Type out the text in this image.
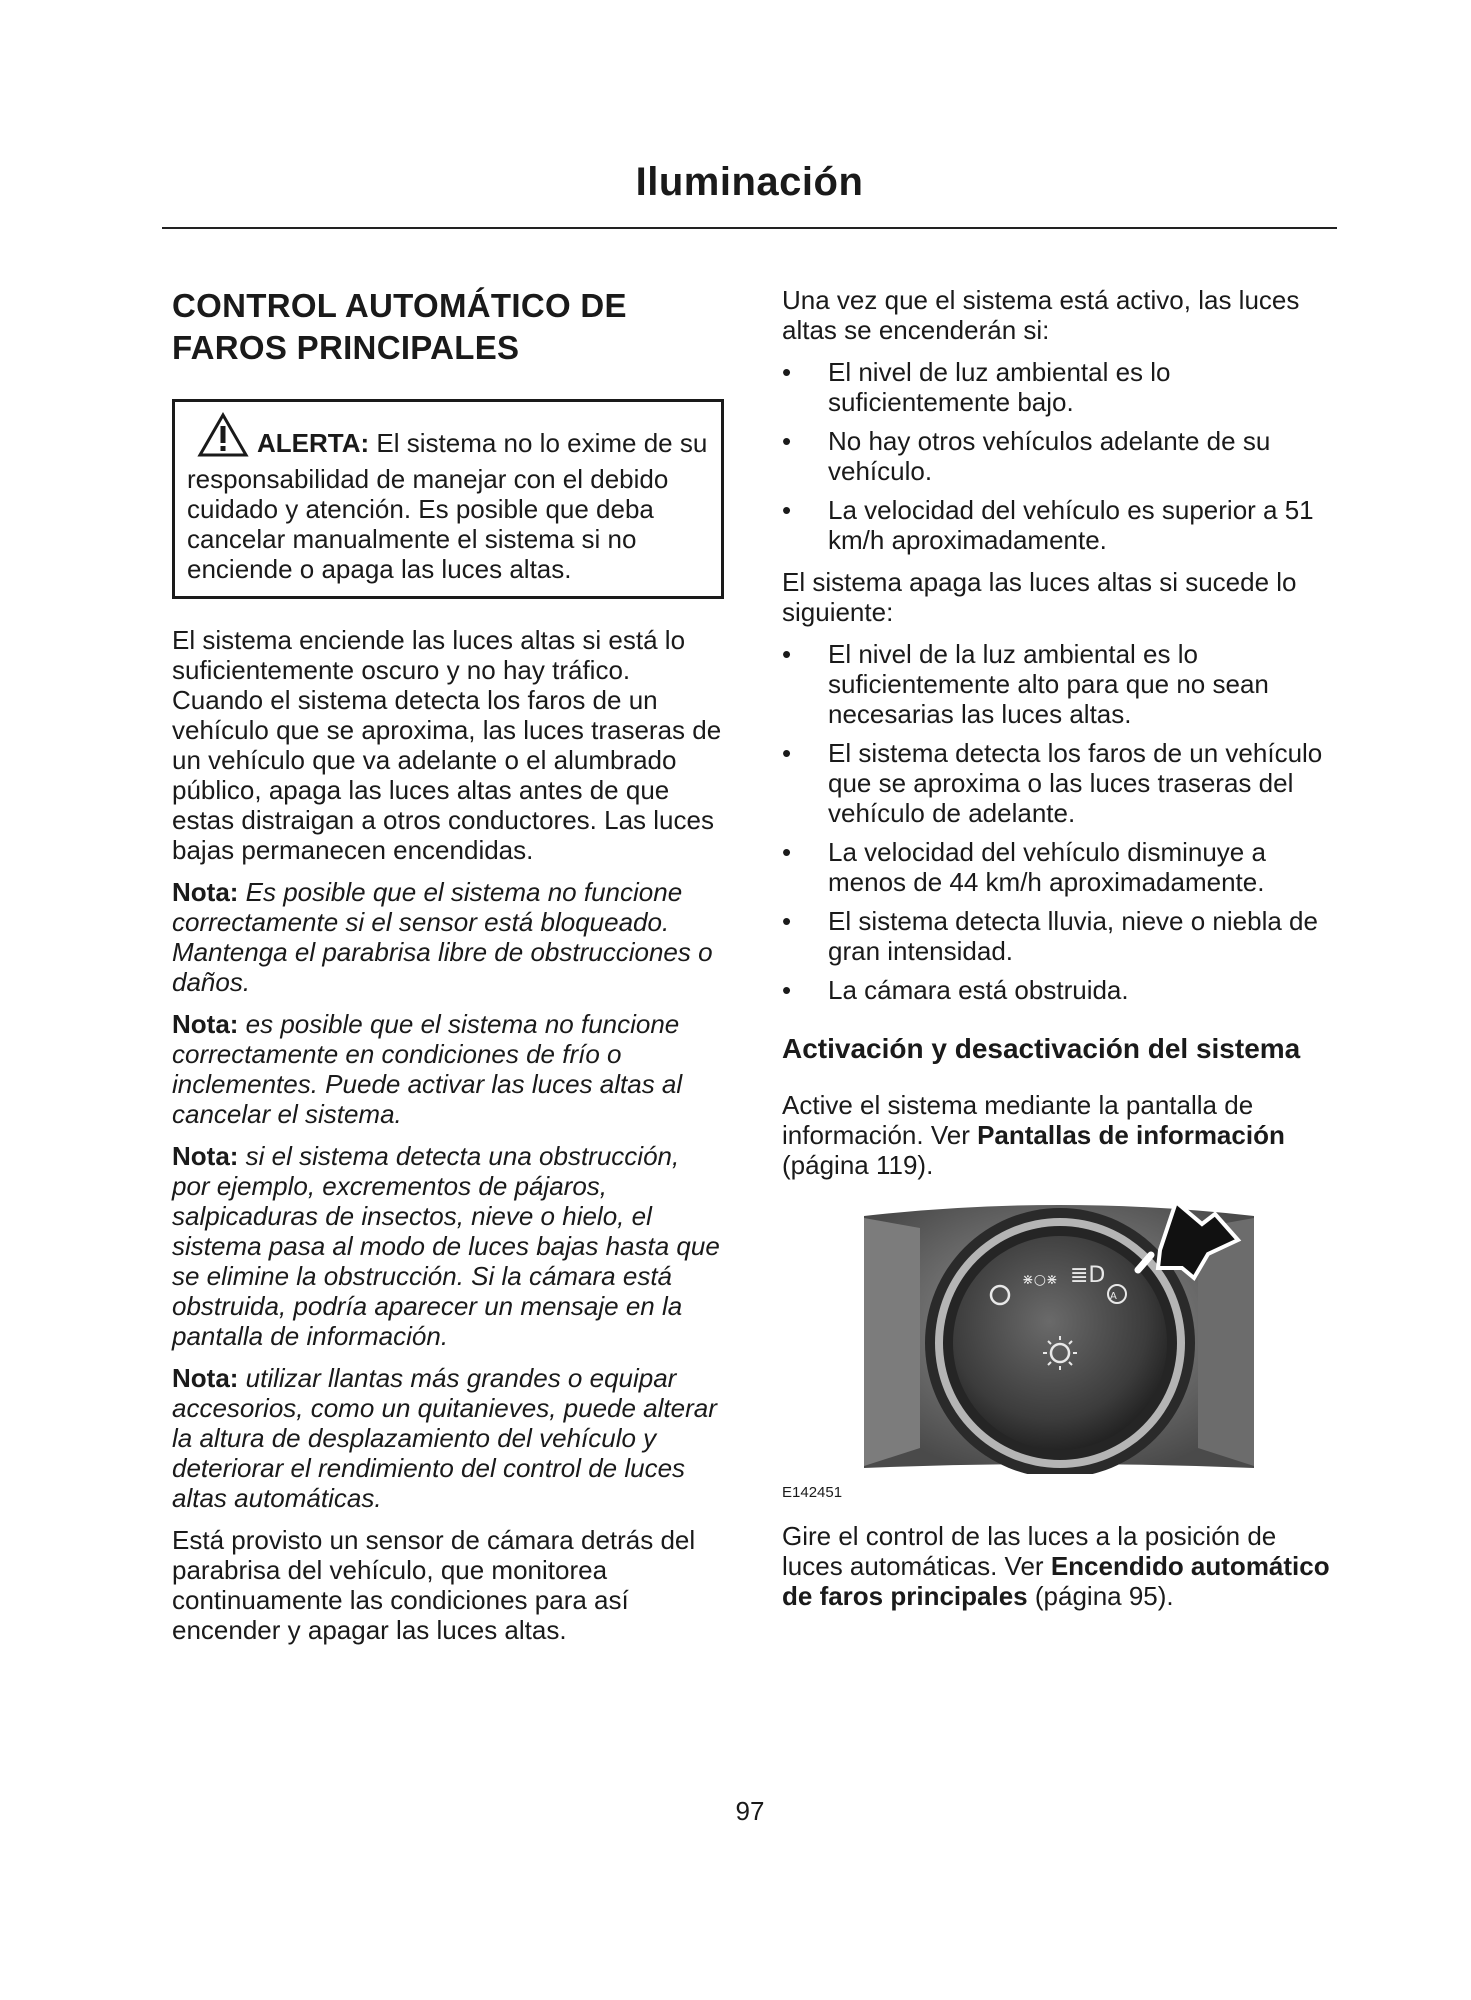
Iluminación
CONTROL AUTOMÁTICO DE FAROS PRINCIPALES
ALERTA: El sistema no lo exime de su responsabilidad de manejar con el debido cuidado y atención. Es posible que deba cancelar manualmente el sistema si no enciende o apaga las luces altas.

El sistema enciende las luces altas si está lo suficientemente oscuro y no hay tráfico. Cuando el sistema detecta los faros de un vehículo que se aproxima, las luces traseras de un vehículo que va adelante o el alumbrado público, apaga las luces altas antes de que estas distraigan a otros conductores. Las luces bajas permanecen encendidas.

Nota: Es posible que el sistema no funcione correctamente si el sensor está bloqueado. Mantenga el parabrisa libre de obstrucciones o daños.

Nota: es posible que el sistema no funcione correctamente en condiciones de frío o inclementes. Puede activar las luces altas al cancelar el sistema.

Nota: si el sistema detecta una obstrucción, por ejemplo, excrementos de pájaros, salpicaduras de insectos, nieve o hielo, el sistema pasa al modo de luces bajas hasta que se elimine la obstrucción. Si la cámara está obstruida, podría aparecer un mensaje en la pantalla de información.

Nota: utilizar llantas más grandes o equipar accesorios, como un quitanieves, puede alterar la altura de desplazamiento del vehículo y deteriorar el rendimiento del control de luces altas automáticas.

Está provisto un sensor de cámara detrás del parabrisa del vehículo, que monitorea continuamente las condiciones para así encender y apagar las luces altas.

Una vez que el sistema está activo, las luces altas se encenderán si:

•	El nivel de luz ambiental es lo suficientemente bajo.
•	No hay otros vehículos adelante de su vehículo.
•	La velocidad del vehículo es superior a 51 km/h aproximadamente.

El sistema apaga las luces altas si sucede lo siguiente:

•	El nivel de la luz ambiental es lo suficientemente alto para que no sean necesarias las luces altas.
•	El sistema detecta los faros de un vehículo que se aproxima o las luces traseras del vehículo de adelante.
•	La velocidad del vehículo disminuye a menos de 44 km/h aproximadamente.
•	El sistema detecta lluvia, nieve o niebla de gran intensidad.
•	La cámara está obstruida.
Activación y desactivación del sistema

Active el sistema mediante la pantalla de información. Ver Pantallas de información (página 119).

⋇○⋇ ≣D
A
E142451

Gire el control de las luces a la posición de luces automáticas. Ver Encendido automático de faros principales (página 95).

97
